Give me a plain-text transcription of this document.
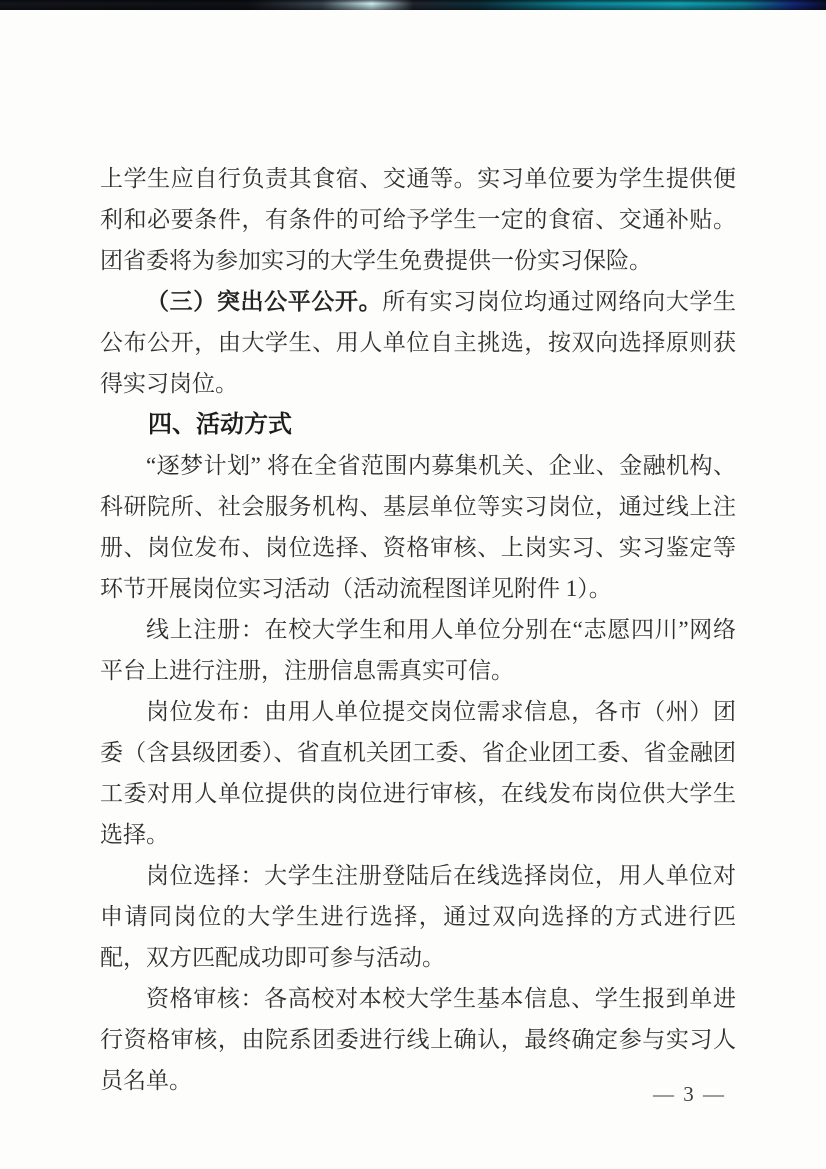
上学生应自行负责其食宿、交通等。实习单位要为学生提供便利和必要条件，有条件的可给予学生一定的食宿、交通补贴。团省委将为参加实习的大学生免费提供一份实习保险。

（三）突出公平公开。所有实习岗位均通过网络向大学生公布公开，由大学生、用人单位自主挑选，按双向选择原则获得实习岗位。

四、活动方式

“逐梦计划” 将在全省范围内募集机关、企业、金融机构、科研院所、社会服务机构、基层单位等实习岗位，通过线上注册、岗位发布、岗位选择、资格审核、上岗实习、实习鉴定等环节开展岗位实习活动（活动流程图详见附件 1）。

线上注册：在校大学生和用人单位分别在“志愿四川”网络平台上进行注册，注册信息需真实可信。

岗位发布：由用人单位提交岗位需求信息，各市（州）团委（含县级团委）、省直机关团工委、省企业团工委、省金融团工委对用人单位提供的岗位进行审核，在线发布岗位供大学生选择。

岗位选择：大学生注册登陆后在线选择岗位，用人单位对申请同岗位的大学生进行选择，通过双向选择的方式进行匹配，双方匹配成功即可参与活动。

资格审核：各高校对本校大学生基本信息、学生报到单进行资格审核，由院系团委进行线上确认，最终确定参与实习人员名单。

— 3 —
